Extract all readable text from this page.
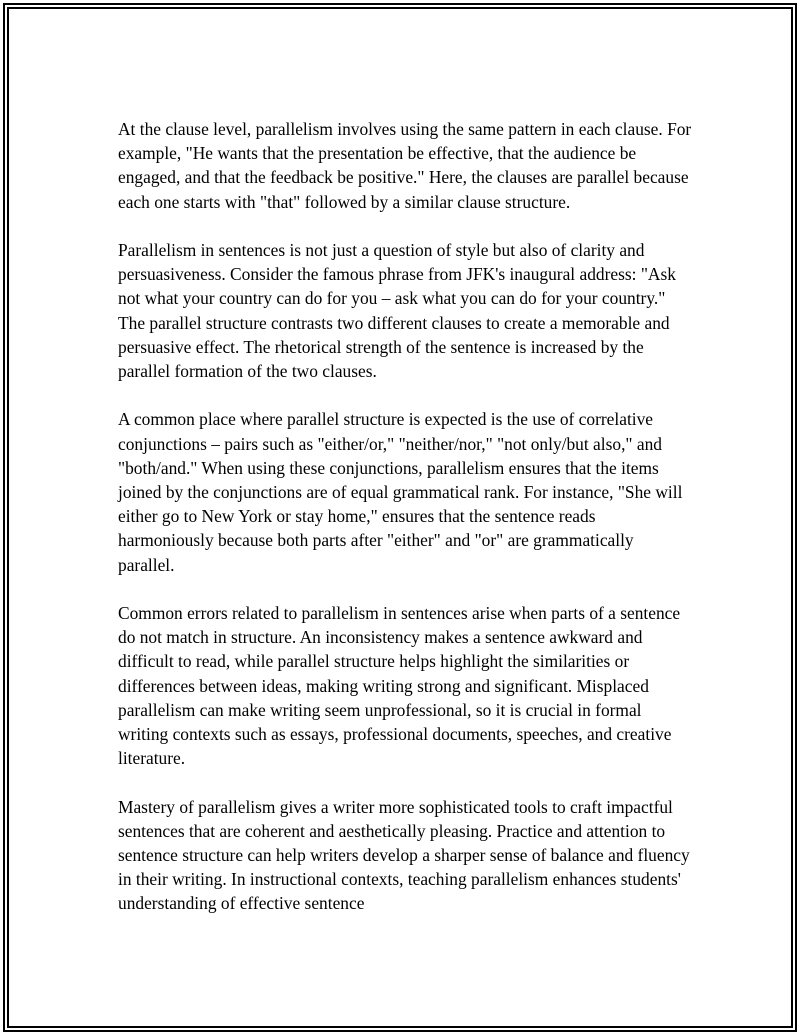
At the clause level, parallelism involves using the same pattern in each clause. For example, "He wants that the presentation be effective, that the audience be engaged, and that the feedback be positive." Here, the clauses are parallel because each one starts with "that" followed by a similar clause structure.

Parallelism in sentences is not just a question of style but also of clarity and persuasiveness. Consider the famous phrase from JFK's inaugural address: "Ask not what your country can do for you – ask what you can do for your country." The parallel structure contrasts two different clauses to create a memorable and persuasive effect. The rhetorical strength of the sentence is increased by the parallel formation of the two clauses.

A common place where parallel structure is expected is the use of correlative conjunctions – pairs such as "either/or," "neither/nor," "not only/but also," and "both/and." When using these conjunctions, parallelism ensures that the items joined by the conjunctions are of equal grammatical rank. For instance, "She will either go to New York or stay home," ensures that the sentence reads harmoniously because both parts after "either" and "or" are grammatically parallel.

Common errors related to parallelism in sentences arise when parts of a sentence do not match in structure. An inconsistency makes a sentence awkward and difficult to read, while parallel structure helps highlight the similarities or differences between ideas, making writing strong and significant. Misplaced parallelism can make writing seem unprofessional, so it is crucial in formal writing contexts such as essays, professional documents, speeches, and creative literature.

Mastery of parallelism gives a writer more sophisticated tools to craft impactful sentences that are coherent and aesthetically pleasing. Practice and attention to sentence structure can help writers develop a sharper sense of balance and fluency in their writing. In instructional contexts, teaching parallelism enhances students' understanding of effective sentence
